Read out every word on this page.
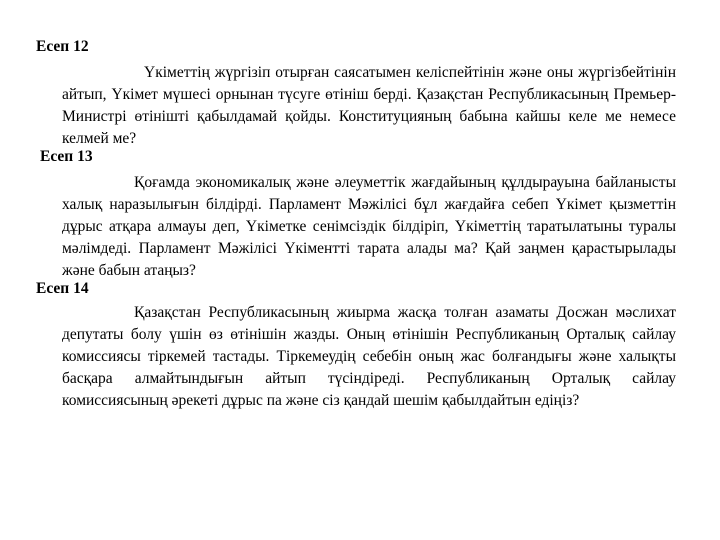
Есеп 12

Үкіметтің жүргізіп отырған саясатымен келіспейтінін және оны жүргізбейтінін айтып, Үкімет мүшесі орнынан түсуге өтініш берді. Қазақстан Республикасының Премьер-Министрі өтінішті қабылдамай қойды. Конституцияның бабына кайшы келе ме немесе келмей ме?

Есеп 13

Қоғамда экономикалық және әлеуметтік жағдайының құлдырауына байланысты халық наразылығын білдірді. Парламент Мәжілісі бұл жағдайға себеп Үкімет қызметтін дұрыс атқара алмауы деп, Үкіметке сенімсіздік білдіріп, Үкіметтің таратылатыны туралы мәлімдеді. Парламент Мәжілісі Үкіментті тарата алады ма? Қай заңмен қарастырылады және бабын атаңыз?

Есеп 14

Қазақстан Республикасының жиырма жасқа толған азаматы Досжан мәслихат депутаты болу үшін өз өтінішін жазды. Оның өтінішін Республиканың Орталық сайлау комиссиясы тіркемей тастады. Тіркемеудің себебін оның жас болғандығы және халықты басқара алмайтындығын айтып түсіндіреді. Республиканың Орталық сайлау комиссиясының әрекеті дұрыс па және сіз қандай шешім қабылдайтын едіңіз?
